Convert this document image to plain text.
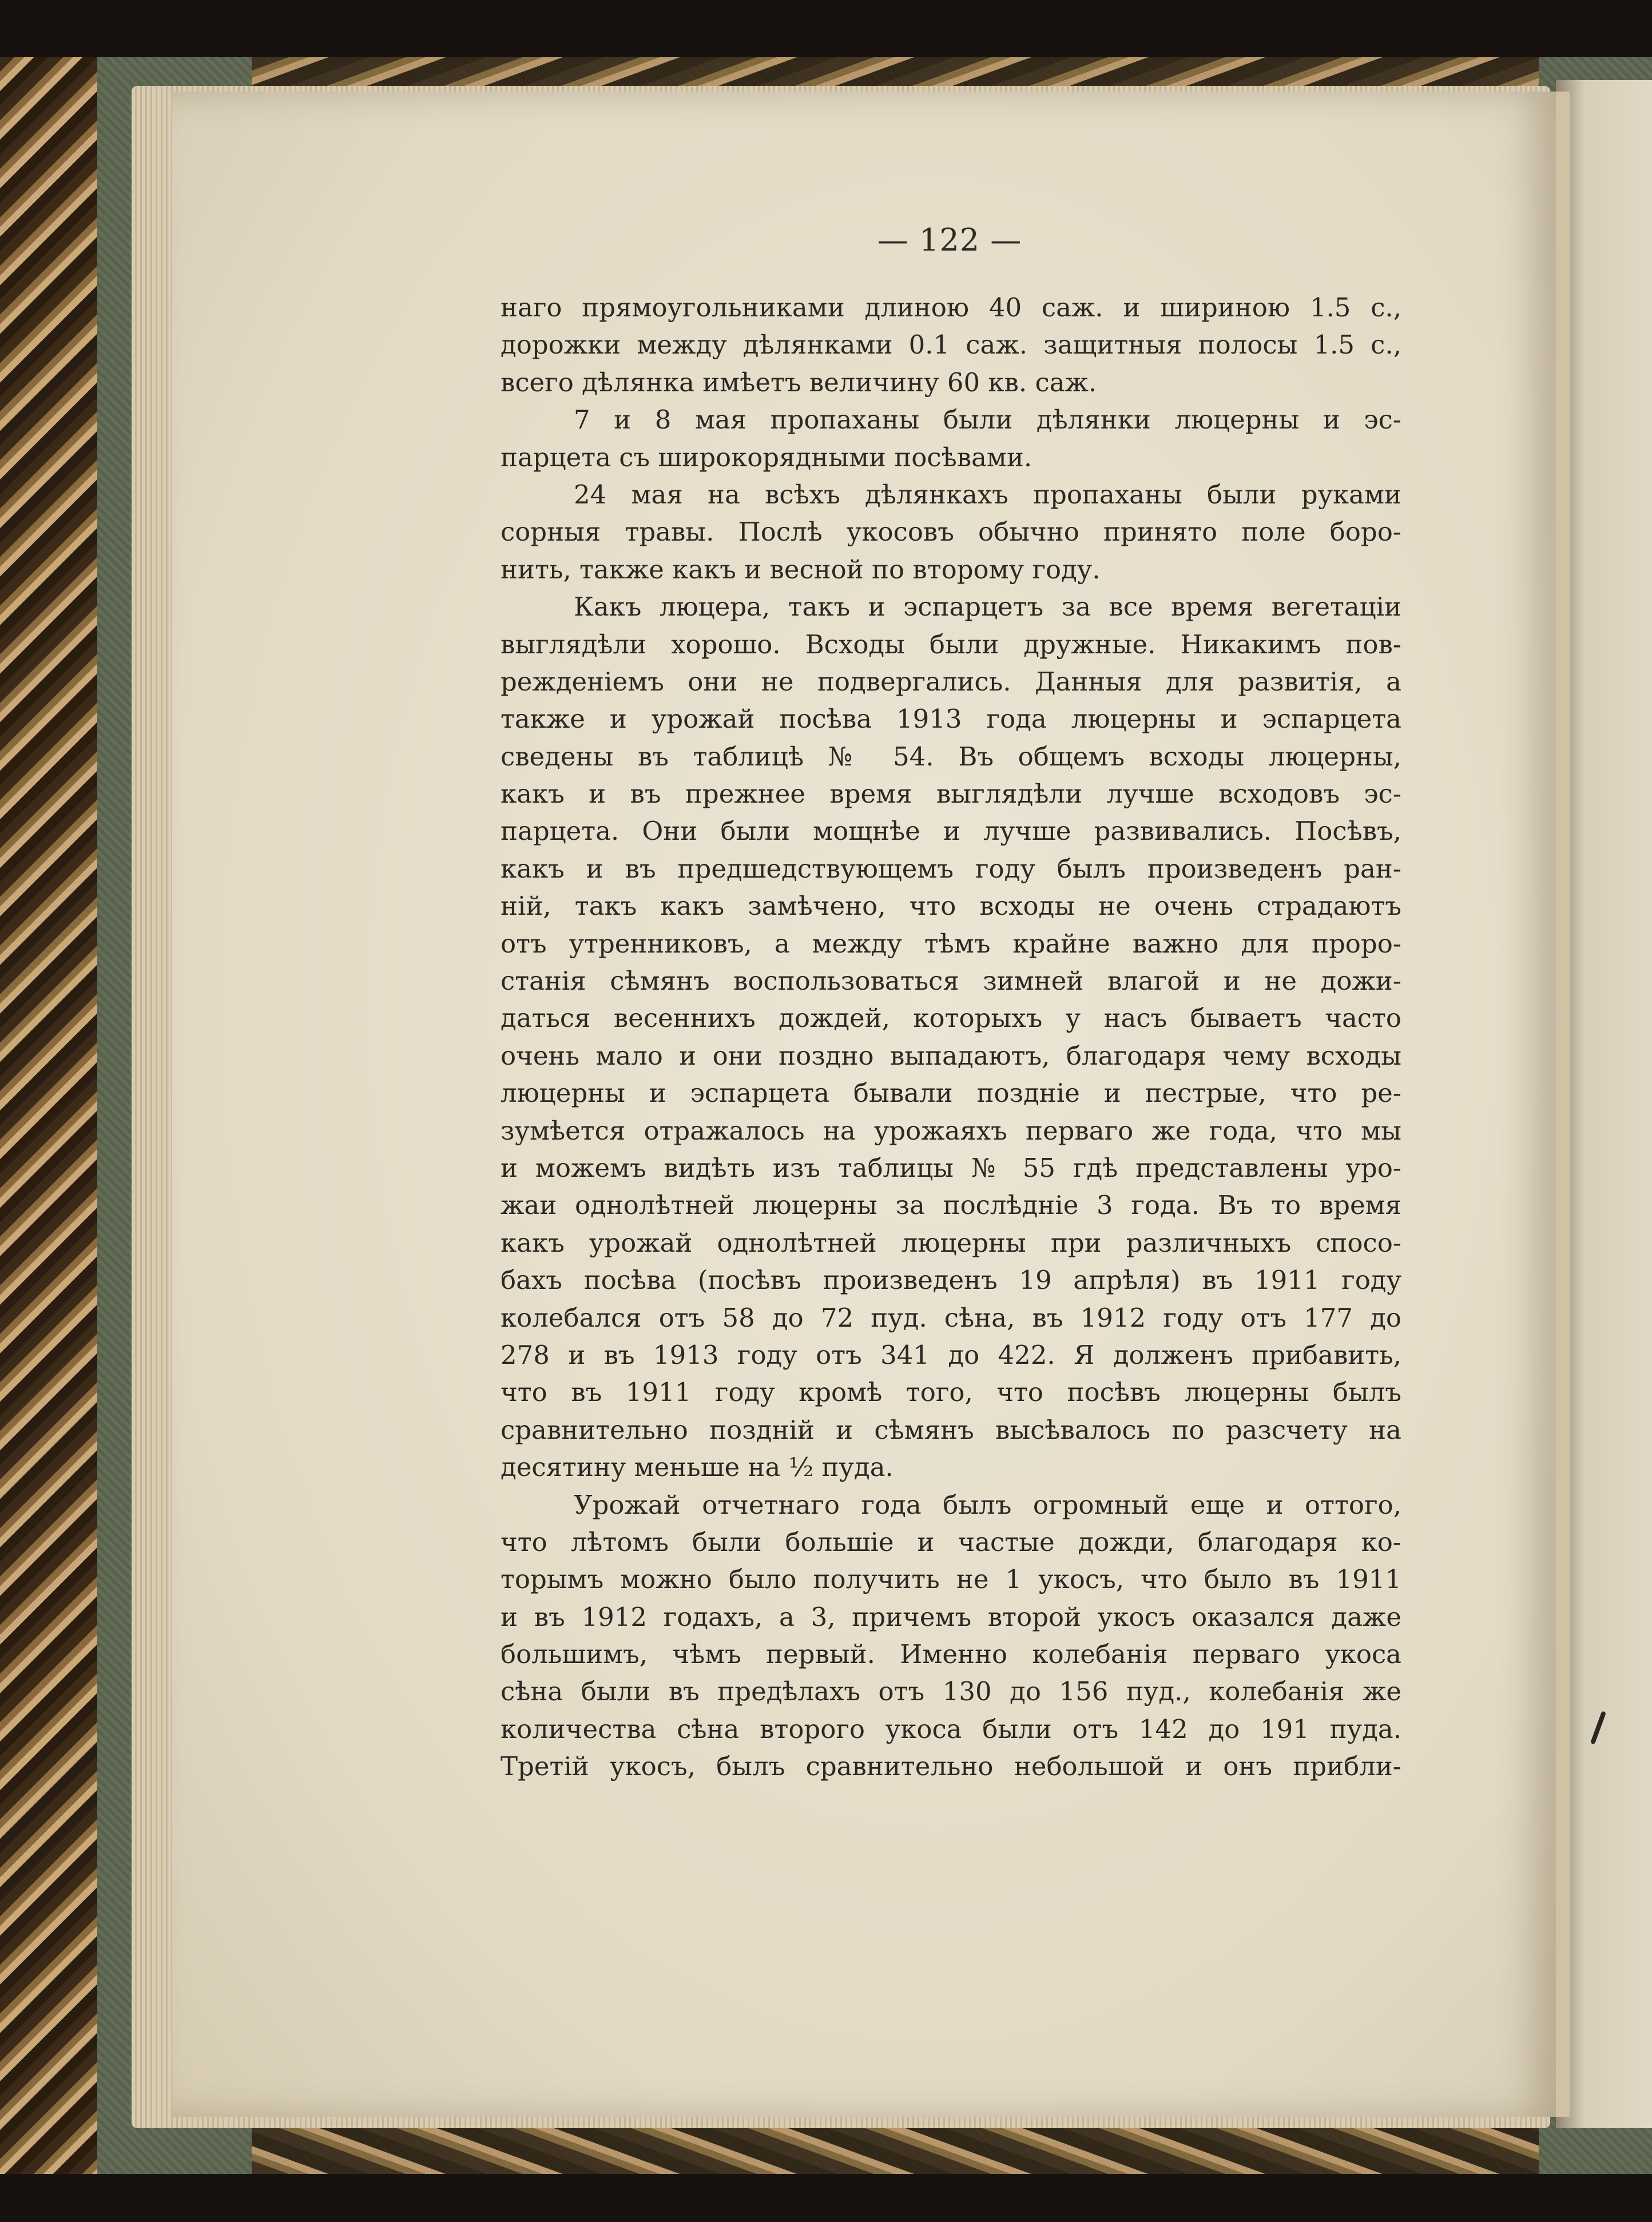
— 122 —
наго прямоугольниками длиною 40 саж. и шириною 1.5 с.,
дорожки между дѣлянками 0.1 саж. защитныя полосы 1.5 с.,
всего дѣлянка имѣетъ величину 60 кв. саж.
7 и 8 мая пропаханы были дѣлянки люцерны и эс-
парцета съ широкорядными посѣвами.
24 мая на всѣхъ дѣлянкахъ пропаханы были руками
сорныя травы. Послѣ укосовъ обычно принято поле боро-
нить, также какъ и весной по второму году.
Какъ люцера, такъ и эспарцетъ за все время вегетаціи
выглядѣли хорошо. Всходы были дружные. Никакимъ пов-
режденіемъ они не подвергались. Данныя для развитія, а
также и урожай посѣва 1913 года люцерны и эспарцета
сведены въ таблицѣ № 54. Въ общемъ всходы люцерны,
какъ и въ прежнее время выглядѣли лучше всходовъ эс-
парцета. Они были мощнѣе и лучше развивались. Посѣвъ,
какъ и въ предшедствующемъ году былъ произведенъ ран-
ній, такъ какъ замѣчено, что всходы не очень страдаютъ
отъ утренниковъ, а между тѣмъ крайне важно для проро-
станія сѣмянъ воспользоваться зимней влагой и не дожи-
даться весеннихъ дождей, которыхъ у насъ бываетъ часто
очень мало и они поздно выпадаютъ, благодаря чему всходы
люцерны и эспарцета бывали поздніе и пестрые, что ре-
зумѣется отражалось на урожаяхъ перваго же года, что мы
и можемъ видѣть изъ таблицы № 55 гдѣ представлены уро-
жаи однолѣтней люцерны за послѣдніе 3 года. Въ то время
какъ урожай однолѣтней люцерны при различныхъ спосо-
бахъ посѣва (посѣвъ произведенъ 19 апрѣля) въ 1911 году
колебался отъ 58 до 72 пуд. сѣна, въ 1912 году отъ 177 до
278 и въ 1913 году отъ 341 до 422. Я долженъ прибавить,
что въ 1911 году кромѣ того, что посѣвъ люцерны былъ
сравнительно поздній и сѣмянъ высѣвалось по разсчету на
десятину меньше на ½ пуда.
Урожай отчетнаго года былъ огромный еще и оттого,
что лѣтомъ были большіе и частые дожди, благодаря ко-
торымъ можно было получить не 1 укосъ, что было въ 1911
и въ 1912 годахъ, а 3, причемъ второй укосъ оказался даже
большимъ, чѣмъ первый. Именно колебанія перваго укоса
сѣна были въ предѣлахъ отъ 130 до 156 пуд., колебанія же
количества сѣна второго укоса были отъ 142 до 191 пуда.
Третій укосъ, былъ сравнительно небольшой и онъ прибли-
